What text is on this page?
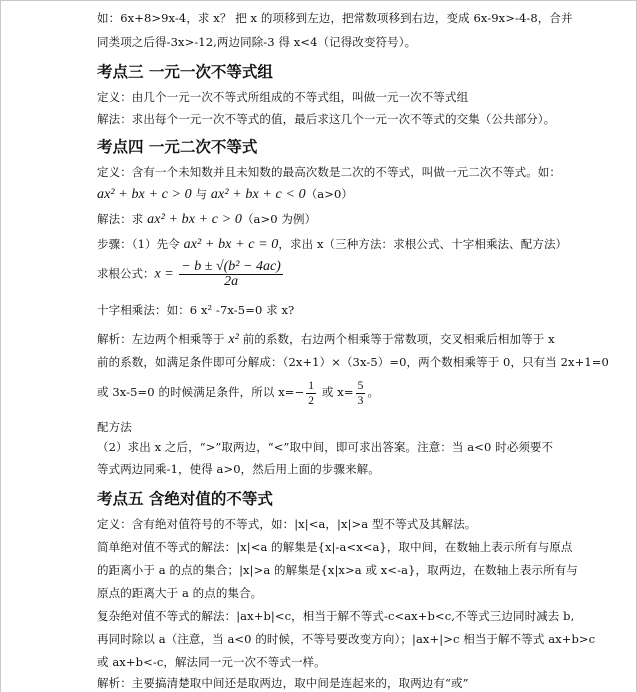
如：6x+8>9x-4，求 x？ 把 x 的项移到左边，把常数项移到右边，变成 6x-9x>-4-8，合并
同类项之后得-3x>-12,两边同除-3 得 x<4（记得改变符号）。
考点三 一元一次不等式组
定义：由几个一元一次不等式所组成的不等式组，叫做一元一次不等式组
解法：求出每个一元一次不等式的值，最后求这几个一元一次不等式的交集（公共部分）。
考点四 一元二次不等式
定义：含有一个未知数并且未知数的最高次数是二次的不等式，叫做一元二次不等式。如：
ax² + bx + c > 0 与 ax² + bx + c < 0（a>0）
解法：求 ax² + bx + c > 0（a>0 为例）
步骤：（1）先令 ax² + bx + c = 0，求出 x（三种方法：求根公式、十字相乘法、配方法）
求根公式：$x = \frac{\text{− b ± √(b² − 4ac)}}{2a}$
十字相乘法：如：6 x² -7x-5=0 求 x?
解析：左边两个相乘等于 x² 前的系数，右边两个相乘等于常数项，交叉相乘后相加等于 x
前的系数，如满足条件即可分解成：（2x+1）×（3x-5）=0，两个数相乘等于 0，只有当 2x+1=0
或 3x-5=0 的时候满足条件，所以 $x=- \frac{1}{2}$ 或 $x= \frac{5}{3}$ 。
配方法
（2）求出 x 之后，“>”取两边，“<”取中间，即可求出答案。注意：当 a<0 时必须要不
等式两边同乘-1，使得 a>0，然后用上面的步骤来解。
考点五 含绝对值的不等式
定义：含有绝对值符号的不等式，如：|x|<a，|x|>a 型不等式及其解法。
简单绝对值不等式的解法：|x|<a 的解集是{x|-a<x<a}，取中间，在数轴上表示所有与原点
的距离小于 a 的点的集合；|x|>a 的解集是{x|x>a 或 x<-a}，取两边，在数轴上表示所有与
原点的距离大于 a 的点的集合。
复杂绝对值不等式的解法：|ax+b|<c，相当于解不等式-c<ax+b<c,不等式三边同时减去 b,
再同时除以 a（注意，当 a<0 的时候，不等号要改变方向）；|ax+|>c 相当于解不等式 ax+b>c
或 ax+b<-c，解法同一元一次不等式一样。
解析：主要搞清楚取中间还是取两边，取中间是连起来的，取两边有“或”
